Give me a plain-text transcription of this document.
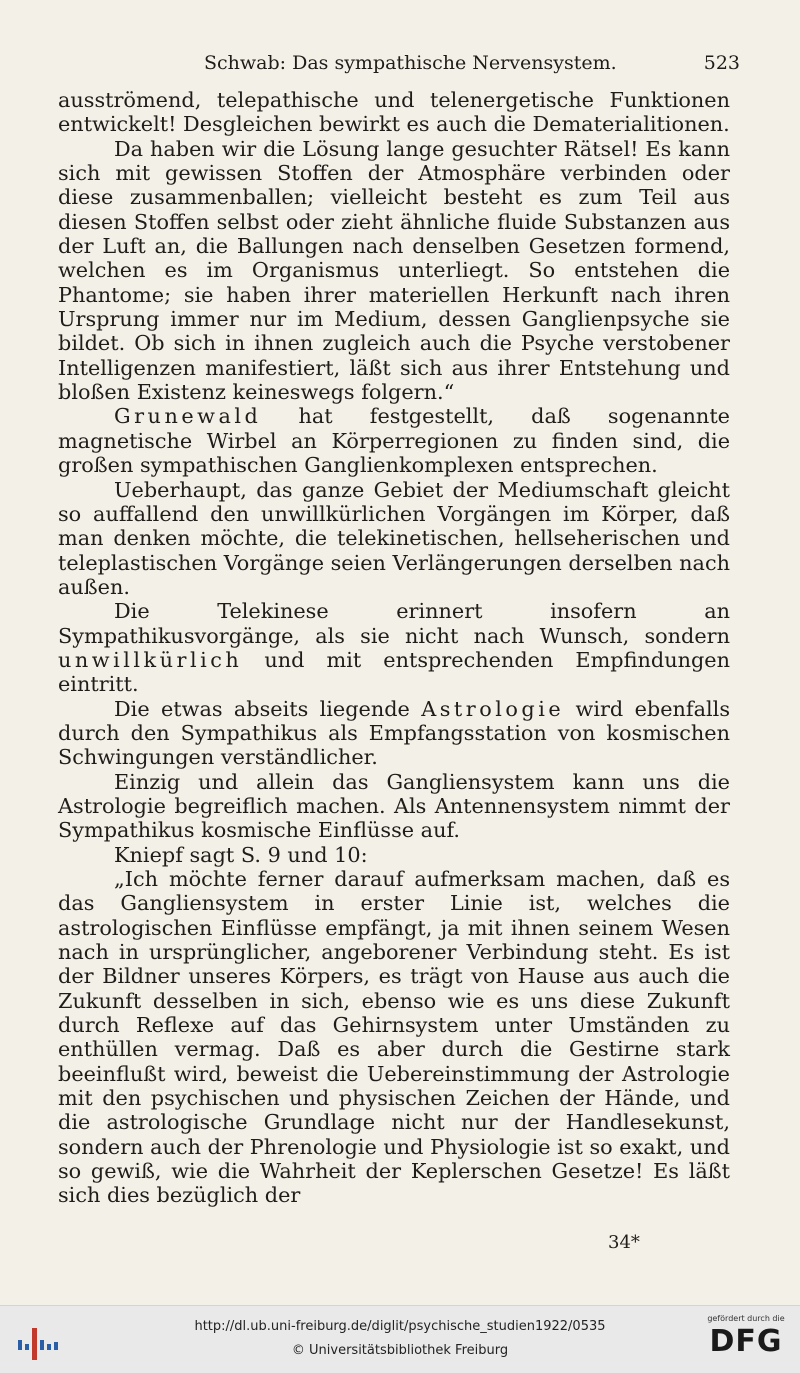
Schwab: Das sympathische Nervensystem.	523

ausströmend, telepathische und telenergetische Funktionen entwickelt! Desgleichen bewirkt es auch die Dematerialitionen.

Da haben wir die Lösung lange gesuchter Rätsel! Es kann sich mit gewissen Stoffen der Atmosphäre verbinden oder diese zusammenballen; vielleicht besteht es zum Teil aus diesen Stoffen selbst oder zieht ähnliche fluide Substanzen aus der Luft an, die Ballungen nach denselben Gesetzen formend, welchen es im Organismus unterliegt. So entstehen die Phantome; sie haben ihrer materiellen Herkunft nach ihren Ursprung immer nur im Medium, dessen Ganglienpsyche sie bildet. Ob sich in ihnen zugleich auch die Psyche verstobener Intelligenzen manifestiert, läßt sich aus ihrer Entstehung und bloßen Existenz keineswegs folgern.“

Grunewald hat festgestellt, daß sogenannte magnetische Wirbel an Körperregionen zu finden sind, die großen sympathischen Ganglienkomplexen entsprechen.

Ueberhaupt, das ganze Gebiet der Mediumschaft gleicht so auffallend den unwillkürlichen Vorgängen im Körper, daß man denken möchte, die telekinetischen, hellseherischen und teleplastischen Vorgänge seien Verlängerungen derselben nach außen.

Die Telekinese erinnert insofern an Sympathikusvorgänge, als sie nicht nach Wunsch, sondern unwillkürlich und mit entsprechenden Empfindungen eintritt.

Die etwas abseits liegende Astrologie wird ebenfalls durch den Sympathikus als Empfangsstation von kosmischen Schwingungen verständlicher.

Einzig und allein das Gangliensystem kann uns die Astrologie begreiflich machen. Als Antennensystem nimmt der Sympathikus kosmische Einflüsse auf.

Kniepf sagt S. 9 und 10:

„Ich möchte ferner darauf aufmerksam machen, daß es das Gangliensystem in erster Linie ist, welches die astrologischen Einflüsse empfängt, ja mit ihnen seinem Wesen nach in ursprünglicher, angeborener Verbindung steht. Es ist der Bildner unseres Körpers, es trägt von Hause aus auch die Zukunft desselben in sich, ebenso wie es uns diese Zukunft durch Reflexe auf das Gehirnsystem unter Umständen zu enthüllen vermag. Daß es aber durch die Gestirne stark beeinflußt wird, beweist die Uebereinstimmung der Astrologie mit den psychischen und physischen Zeichen der Hände, und die astrologische Grundlage nicht nur der Handlesekunst, sondern auch der Phrenologie und Physiologie ist so exakt, und so gewiß, wie die Wahrheit der Keplerschen Gesetze! Es läßt sich dies bezüglich der

34*
http://dl.ub.uni-freiburg.de/diglit/psychische_studien1922/0535
© Universitätsbibliothek Freiburg
gefördert durch die
DFG
